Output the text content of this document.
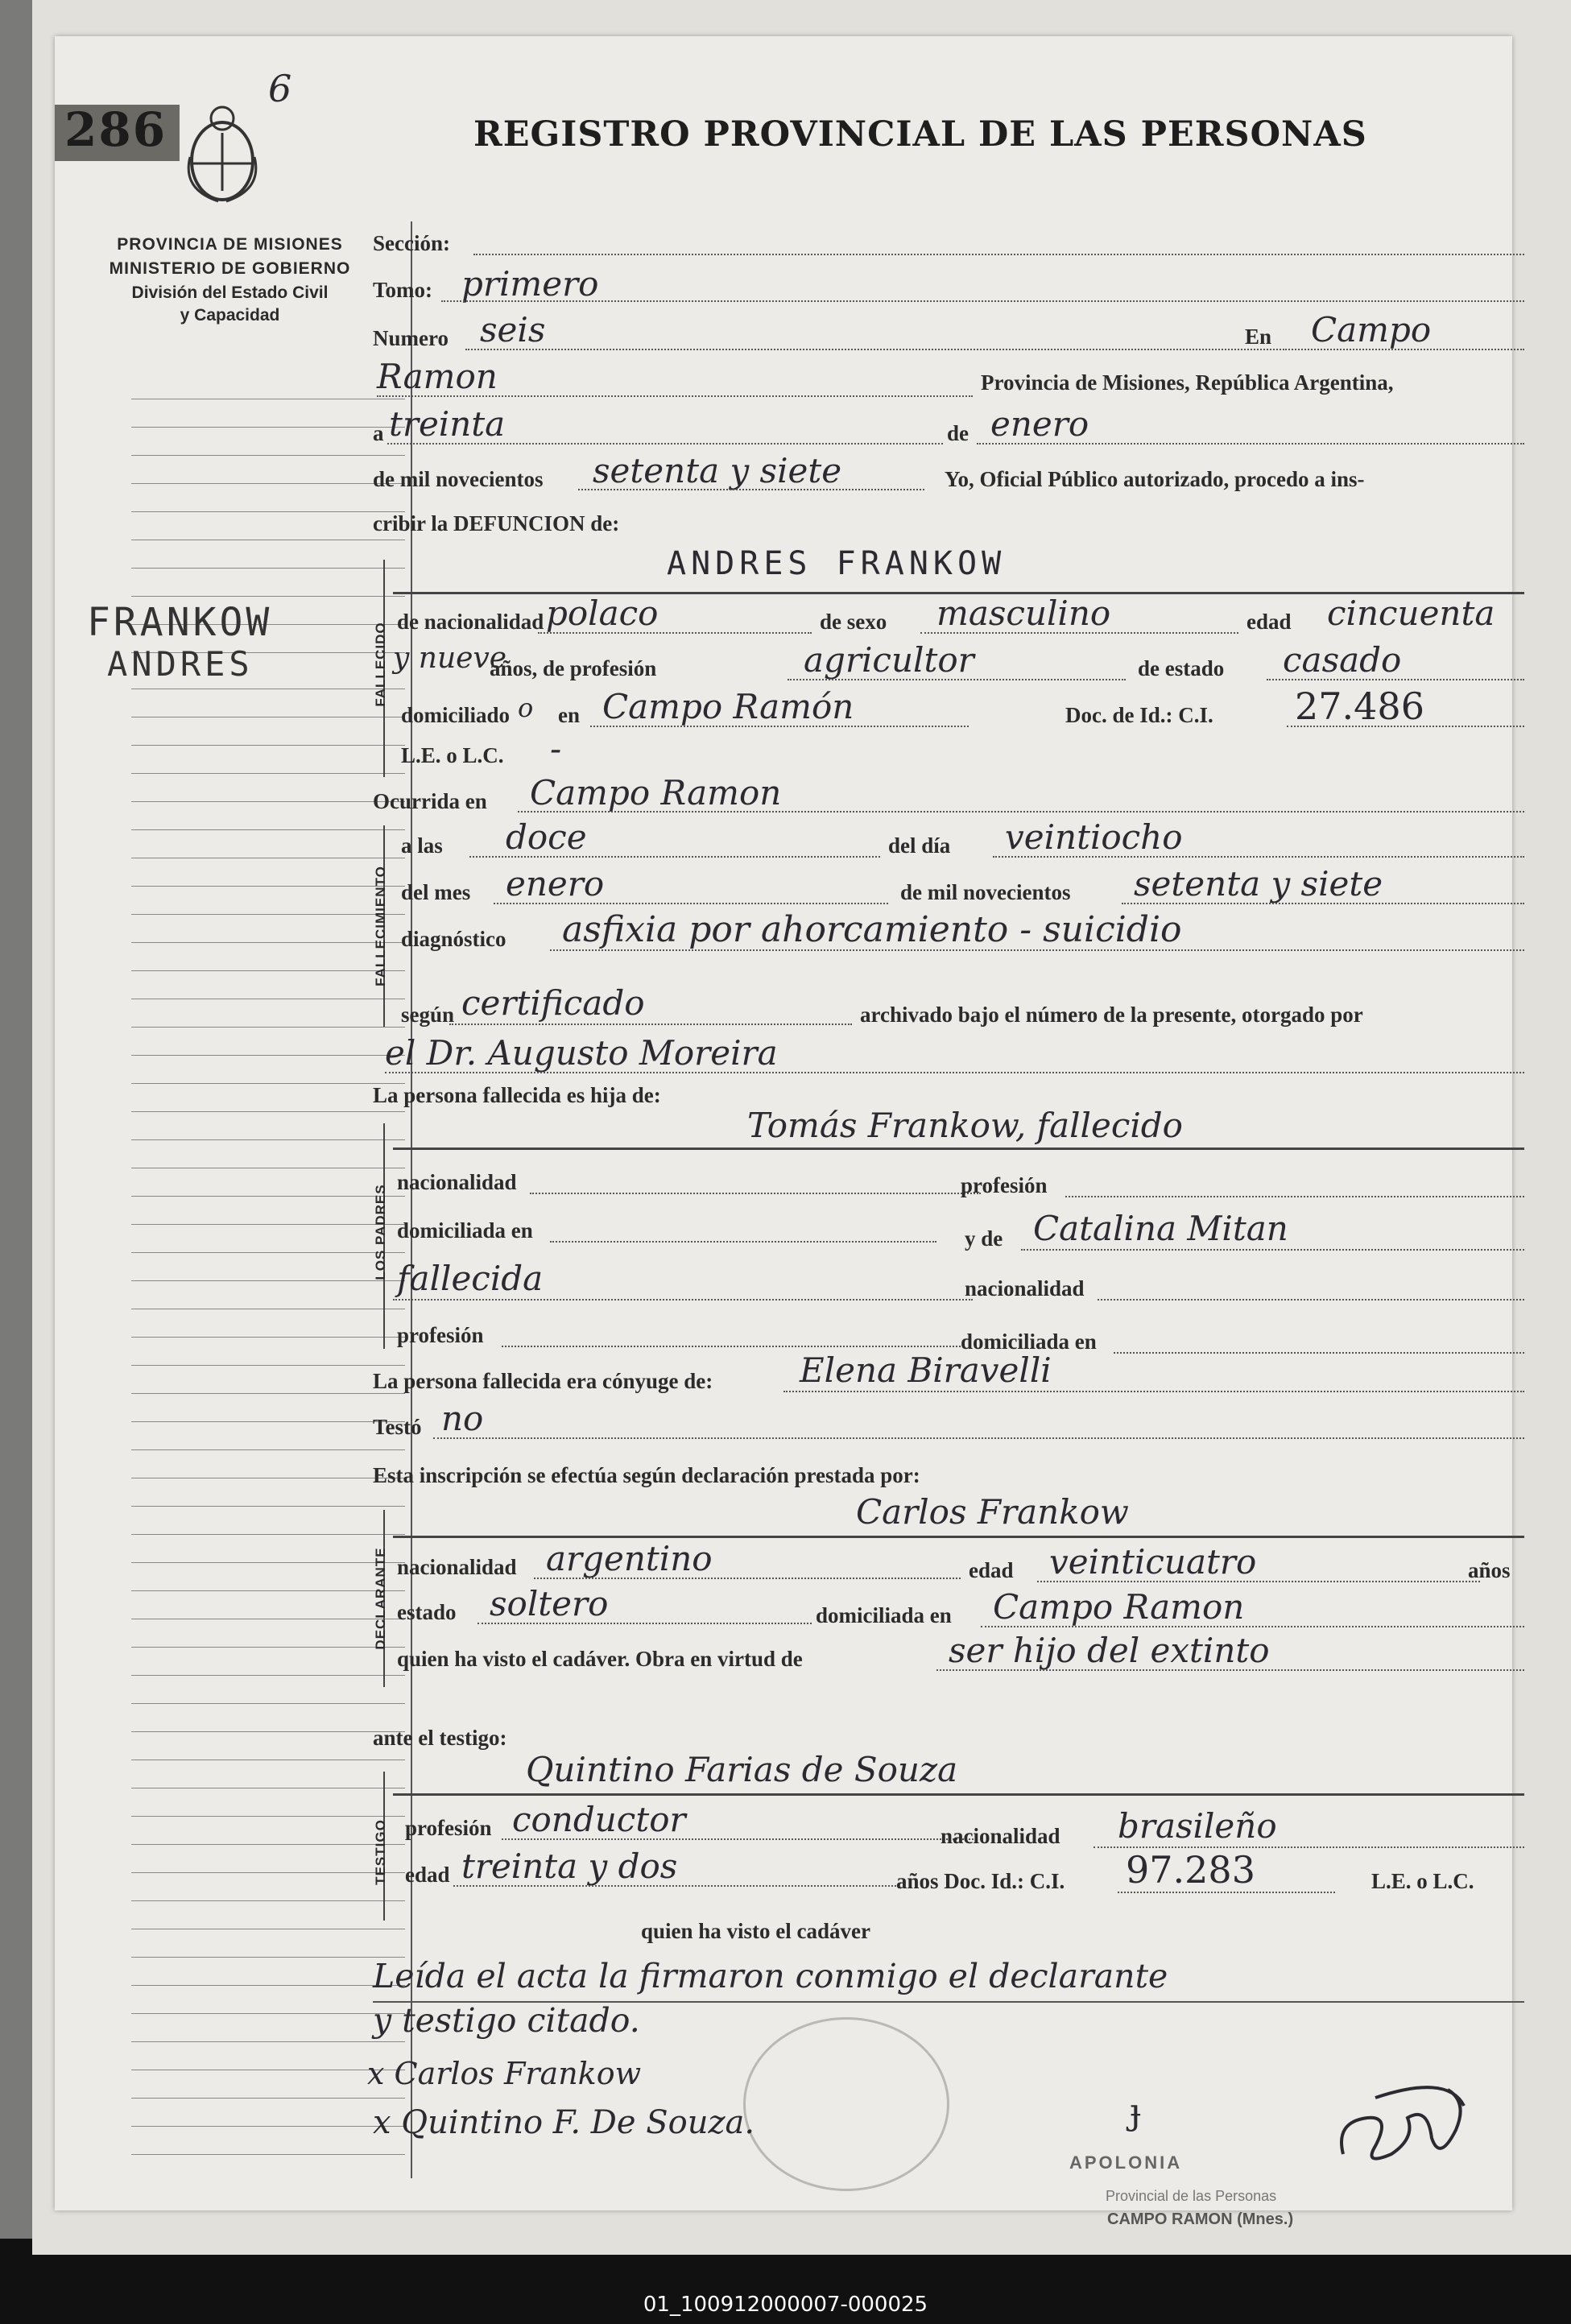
286
6
REGISTRO PROVINCIAL DE LAS PERSONAS
PROVINCIA DE MISIONES
MINISTERIO DE GOBIERNO
División del Estado Civil
y Capacidad
FRANKOW
ANDRES
Sección:
Tomo: primero
Numero seis	En Campo
Ramon	Provincia de Misiones, República Argentina,
a treinta	de enero
de mil novecientos setenta y siete	Yo, Oficial Público autorizado, procedo a ins-
cribir la DEFUNCION de:
FALLECIDO
ANDRES FRANKOW
de nacionalidad polaco	de sexo masculino	edad cincuenta
y nueve
años, de profesión	agricultor	de estado casado
domiciliado o en Campo Ramón	Doc. de Id.: C.I. 27.486
L.E. o L.C. -
Ocurrida en Campo Ramon
FALLECIMIENTO
a las doce	del día veintiocho
del mes enero	de mil novecientos setenta y siete
diagnóstico asfixia por ahorcamiento - suicidio
según certificado	archivado bajo el número de la presente, otorgado por
el Dr. Augusto Moreira
La persona fallecida es hija de:
LOS PADRES
Tomás Frankow, fallecido
nacionalidad	profesión
domiciliada en	y de Catalina Mitan
fallecida	nacionalidad
profesión	domiciliada en
La persona fallecida era cónyuge de:	Elena Biravelli
Testó no
Esta inscripción se efectúa según declaración prestada por:
DECLARANTE
Carlos Frankow
nacionalidad argentino	edad veinticuatro	años
estado soltero	domiciliada en Campo Ramon
quien ha visto el cadáver. Obra en virtud de	ser hijo del extinto
ante el testigo:
TESTIGO
Quintino Farias de Souza
profesión conductor	nacionalidad brasileño
edad treinta y dos	años Doc. Id.: C.I. 97.283	L.E. o L.C.
quien ha visto el cadáver
Leída el acta la firmaron conmigo el declarante
y testigo citado.
x Carlos Frankow
x Quintino F. De Souza.	ɟ
APOLONIA
Provincial de las Personas
CAMPO RAMON (Mnes.)
01_100912000007-000025
